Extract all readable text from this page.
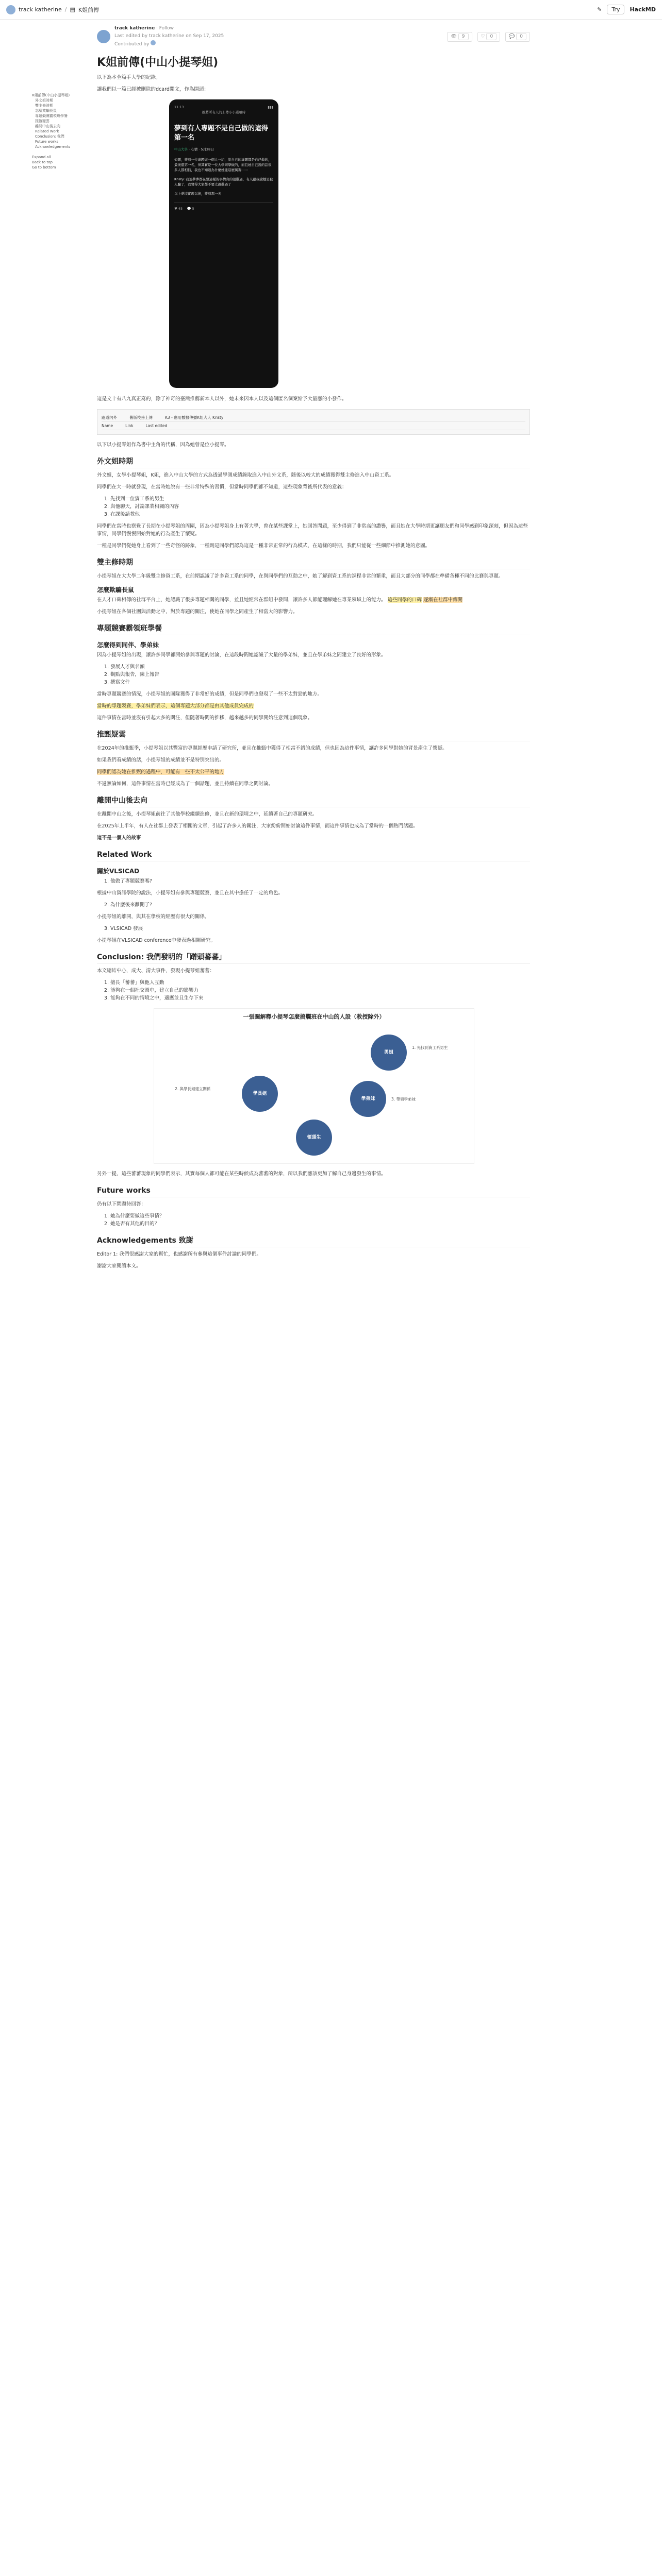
track katherine / ▤ K姐前傳	✎	Try	HackMD
K姐前傳(中山小提琴姐)
外文姐時期
雙主修時期
怎麼欺騙長鼠
專題競賽霸領班學餐
推甄疑雲
離開中山後去向
Related Work
Conclusion: 我們
Future works
Acknowledgements
Expand all
Back to top
Go to bottom
track katherine · Follow
Last edited by track katherine on Sep 17, 2025
Contributed by
👁 9	♡ 0	💬 0
K姐前傳(中山小提琴姐)

以下為本全篇手大學的紀錄。

讓我們以一篇已經被刪除的dcard開文，作為開頭：

11:13	▮▮▮
推薦所有人的上傳小小選項時
夢到有人專題不是自己做的這得第一名
中山大學 · 心情 · 5月28日

如題，夢到一位專題做一個人一組，說自己的專題都是自己做的，最後還第一名，但其實是一位大學同學做的，而且她自己說的話很多人都相信，我也不知道為什麼她能這麼厲害⋯⋯

Kristy: 我連夢夢都在想這樣的事情真的很難過，有人跟我說她是被人騙了，我覺得大家都不要太過難過了

以上夢境實現以後，夢到那一天

♥ 45 💬 5

這是文十有八九真正寫的，除了神奇的臺灣推薦新本人以外，她未來因本人以及這個匿名個案給予大量應的小發作。

跑道內外	舊版校務上傳	K3 - 應用數據傳播K姐大人 Kristy
Name	Link	Last edited

以下以小提琴姐作為書中主角的代稱，因為她曾是位小提琴。

外文姐時期

外文姐，女學小提琴姐，K姐，進入中山大學的方式為透過學測成績錄取進入中山外文系，隨後以較大的成績獲得雙主修進入中山資工系。

同學們在大一時就發現，在當時她說有一些非常特殊的習慣，但當時同學們都不知道，這些現象背後所代表的意義：

1. 先找到一位資工系的男生
2. 與他聊天，討論課業相關的內容
3. 在課後請教他

同學們在當時也察覺了長期在小提琴姐的周圍，因為小提琴姐身上有著大學，曾在某些課堂上，她回答問題，至少得到了非常高的讚譽，而且她在大學時期更讓朋友們和同學感到印象深刻，但因為這些事情，同學們慢慢開始對她的行為產生了懷疑。

一種是同學們從她身上看到了一些奇怪的跡象，一種則是同學們認為這是一種非常正常的行為模式，在這樣的時期，我們只能從一些細節中推測她的意圖。

雙主修時期

小提琴姐在大大學二年級雙主修資工系，在前期認識了許多資工系的同學，在與同學們的互動之中，她了解到資工系的課程非常的繁重，而且大部分的同學都在準備各種不同的比賽與專題。

怎麼欺騙長鼠

在人才口碑相傳的社群平台上，她認識了很多專題相關的同學，並且她經常在群組中發問，讓許多人都能理解她在專業領域上的能力。 這些同學的口碑 逐漸在社群中傳開

小提琴姐在各個社團與活動之中，對於專題的關注，使她在同學之間產生了相當大的影響力。

專題競賽霸領班學餐
怎麼得到同伴、學弟妹

因為小提琴姐的出現，讓許多同學都開始參與專題的討論，在這段時間她認識了大量的學弟妹，並且在學弟妹之間建立了良好的形象。

1. 發展人才與名額
2. 觀點與報告，陳上報告
3. 撰寫文件

當時專題競賽的情況，小提琴姐的團隊獲得了非常好的成績，但是同學們也發現了一些不太對勁的地方。

當時的專題競賽，學弟妹們表示，這個專題大部分都是由其他成員完成的

這件事情在當時並沒有引起太多的關注，但隨著時間的推移，越來越多的同學開始注意到這個現象。

推甄疑雲

在2024年的推甄季，小提琴姐以其豐富的專題經歷申請了研究所，並且在推甄中獲得了相當不錯的成績，但也因為這件事情，讓許多同學對她的背景產生了懷疑。

如果我們看成績的話，小提琴姐的成績並不是特別突出的。

同學們認為她在推甄的過程中，可能有一些不太公平的地方

不過無論如何，這件事情在當時已經成為了一個話題，並且持續在同學之間討論。

離開中山後去向

在離開中山之後，小提琴姐前往了其他學校繼續進修，並且在新的環境之中，延續著自己的專題研究。

在2025年上半年，有人在社群上發表了相關的文章，引起了許多人的關注，大家紛紛開始討論這件事情，而這件事情也成為了當時的一個熱門話題。

這不是一個人的故事

Related Work
關於VLSICAD
1. 他做了專題競賽嗎?

根據中山資訊學院的說法，小提琴姐有參與專題競賽，並且在其中擔任了一定的角色。

2. 為什麼後來離開了?

小提琴姐的離開，與其在學校的經歷有很大的關係。

3. VLSICAD 發展

小提琴姐在VLSICAD conference中發表過相關研究。

Conclusion: 我們發明的「蹭頭蕃蕃」

本文總結中心，成大、清大事件，發現小提琴姐蕃蕃：

1. 擅長「蕃蕃」與他人互動
2. 能夠在一個社交圈中，建立自己的影響力
3. 能夠在不同的情境之中，適應並且生存下來
一張圖解釋小提琴怎麼搞爛班在中山的人設（教授除外）
男姐
學長姐
學弟妹
領頭生
1. 先找到資工系男生
2. 與學長姐建立關係
3. 帶領學弟妹

另外一提，這些蕃蕃現象的同學們表示，其實每個人都可能在某些時候成為蕃蕃的對象，所以我們應該更加了解自己身邊發生的事情。

Future works

仍有以下問題待回答：

1. 她為什麼要做這些事情？
2. 她是否有其他的目的？
Acknowledgements 致謝

Editor 1: 我們很感謝大家的幫忙，也感謝所有參與這個事件討論的同學們。

謝謝大家閱讀本文。
